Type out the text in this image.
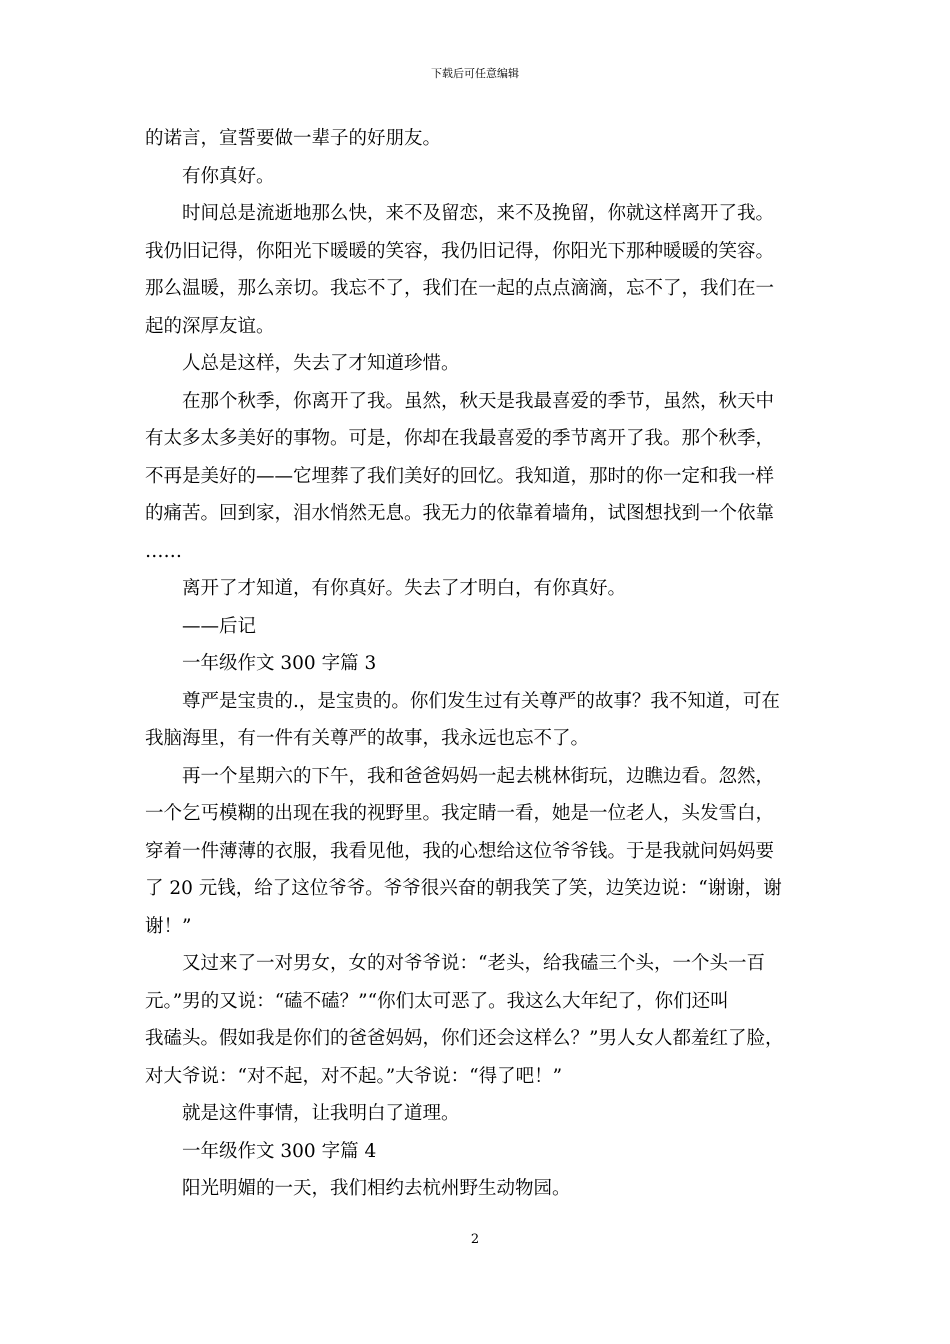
下载后可任意编辑

的诺言，宣誓要做一辈子的好朋友。

　　有你真好。

　　时间总是流逝地那么快，来不及留恋，来不及挽留，你就这样离开了我。

我仍旧记得，你阳光下暖暖的笑容，我仍旧记得，你阳光下那种暖暖的笑容。

那么温暖，那么亲切。我忘不了，我们在一起的点点滴滴，忘不了，我们在一

起的深厚友谊。

　　人总是这样，失去了才知道珍惜。

　　在那个秋季，你离开了我。虽然，秋天是我最喜爱的季节，虽然，秋天中

有太多太多美好的事物。可是，你却在我最喜爱的季节离开了我。那个秋季，

不再是美好的——它埋葬了我们美好的回忆。我知道，那时的你一定和我一样

的痛苦。回到家，泪水悄然无息。我无力的依靠着墙角，试图想找到一个依靠

……

　　离开了才知道，有你真好。失去了才明白，有你真好。

　　——后记

　　一年级作文 300 字篇 3

　　尊严是宝贵的.，是宝贵的。你们发生过有关尊严的故事？我不知道，可在

我脑海里，有一件有关尊严的故事，我永远也忘不了。

　　再一个星期六的下午，我和爸爸妈妈一起去桃林街玩，边瞧边看。忽然，

一个乞丐模糊的出现在我的视野里。我定睛一看，她是一位老人，头发雪白，

穿着一件薄薄的衣服，我看见他，我的心想给这位爷爷钱。于是我就问妈妈要

了 20 元钱，给了这位爷爷。爷爷很兴奋的朝我笑了笑，边笑边说：“谢谢，谢

谢！”

　　又过来了一对男女，女的对爷爷说：“老头，给我磕三个头，一个头一百

元。”男的又说：“磕不磕？”“你们太可恶了。我这么大年纪了，你们还叫

我磕头。假如我是你们的爸爸妈妈，你们还会这样么？”男人女人都羞红了脸，

对大爷说：“对不起，对不起。”大爷说：“得了吧！”

　　就是这件事情，让我明白了道理。

　　一年级作文 300 字篇 4

　　阳光明媚的一天，我们相约去杭州野生动物园。

2
